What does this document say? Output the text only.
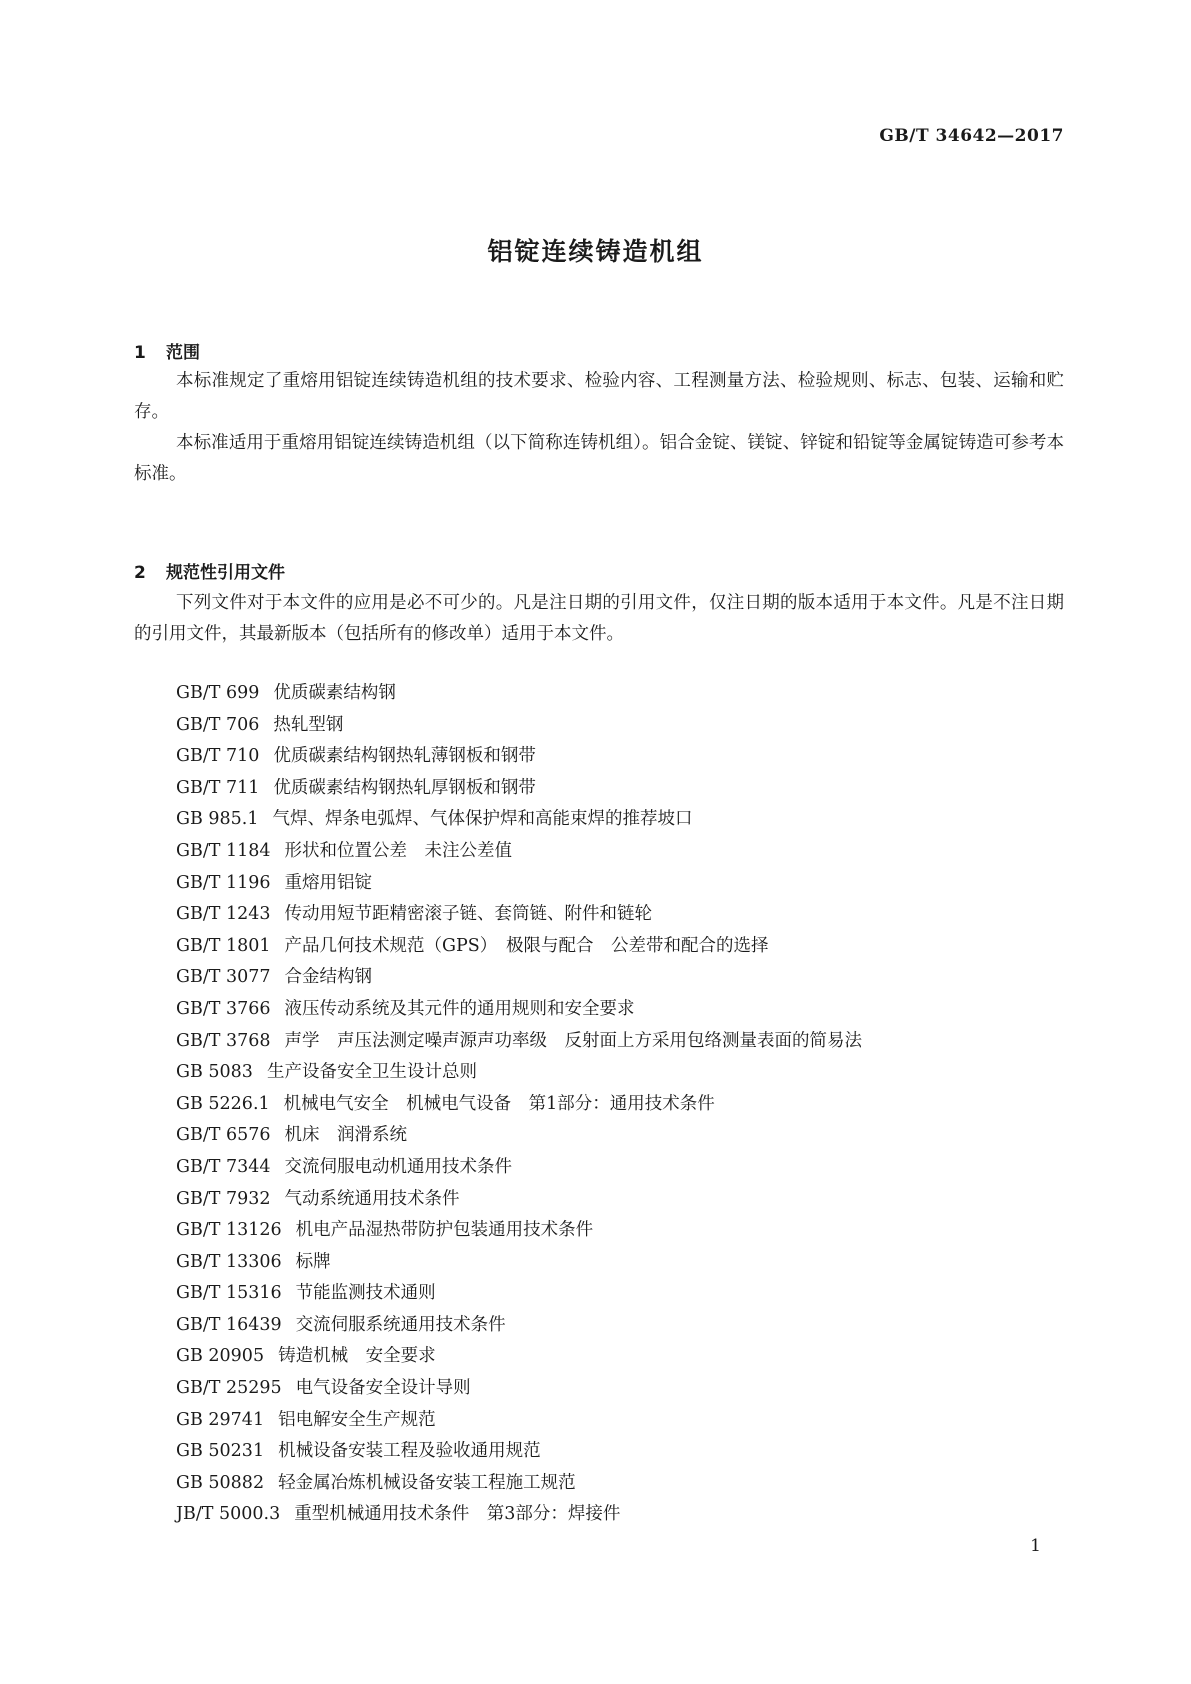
GB/T 34642—2017
铝锭连续铸造机组
1 范围

本标准规定了重熔用铝锭连续铸造机组的技术要求、检验内容、工程测量方法、检验规则、标志、包装、运输和贮存。

本标准适用于重熔用铝锭连续铸造机组（以下简称连铸机组）。铝合金锭、镁锭、锌锭和铅锭等金属锭铸造可参考本标准。

2 规范性引用文件

下列文件对于本文件的应用是必不可少的。凡是注日期的引用文件，仅注日期的版本适用于本文件。凡是不注日期的引用文件，其最新版本（包括所有的修改单）适用于本文件。

GB/T 699 优质碳素结构钢
GB/T 706 热轧型钢
GB/T 710 优质碳素结构钢热轧薄钢板和钢带
GB/T 711 优质碳素结构钢热轧厚钢板和钢带
GB 985.1 气焊、焊条电弧焊、气体保护焊和高能束焊的推荐坡口
GB/T 1184 形状和位置公差　未注公差值
GB/T 1196 重熔用铝锭
GB/T 1243 传动用短节距精密滚子链、套筒链、附件和链轮
GB/T 1801 产品几何技术规范（GPS）　极限与配合　公差带和配合的选择
GB/T 3077 合金结构钢
GB/T 3766 液压传动系统及其元件的通用规则和安全要求
GB/T 3768 声学　声压法测定噪声源声功率级　反射面上方采用包络测量表面的简易法
GB 5083 生产设备安全卫生设计总则
GB 5226.1 机械电气安全　机械电气设备　第1部分：通用技术条件
GB/T 6576 机床　润滑系统
GB/T 7344 交流伺服电动机通用技术条件
GB/T 7932 气动系统通用技术条件
GB/T 13126 机电产品湿热带防护包装通用技术条件
GB/T 13306 标牌
GB/T 15316 节能监测技术通则
GB/T 16439 交流伺服系统通用技术条件
GB 20905 铸造机械　安全要求
GB/T 25295 电气设备安全设计导则
GB 29741 铝电解安全生产规范
GB 50231 机械设备安装工程及验收通用规范
GB 50882 轻金属冶炼机械设备安装工程施工规范
JB/T 5000.3 重型机械通用技术条件　第3部分：焊接件
1
